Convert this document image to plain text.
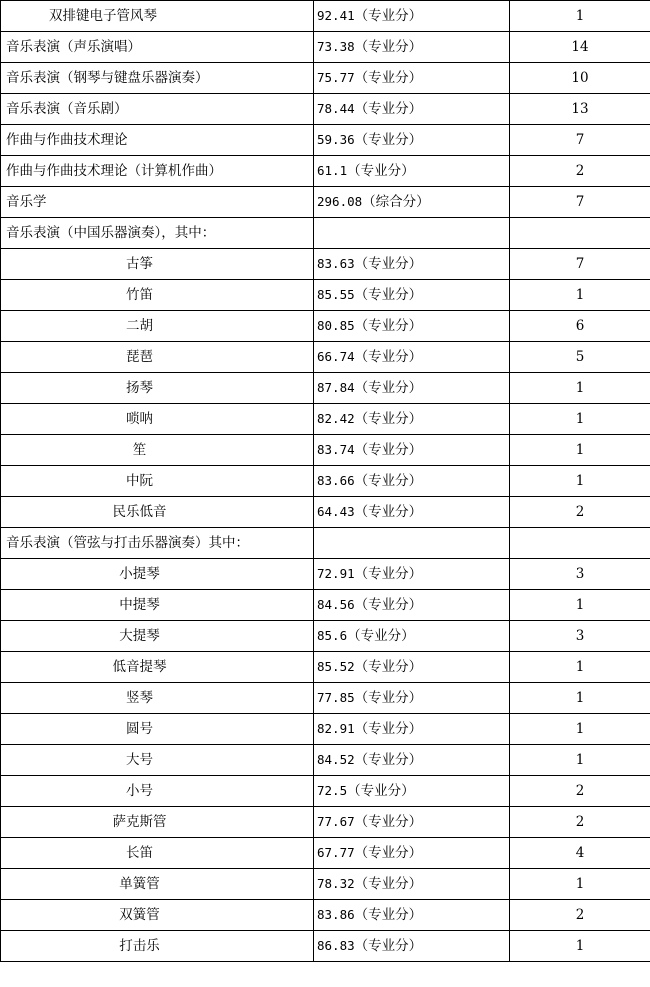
双排键电子管风琴	92.41（专业分）	1
音乐表演（声乐演唱）	73.38（专业分）	14
音乐表演（钢琴与键盘乐器演奏）	75.77（专业分）	10
音乐表演（音乐剧）	78.44（专业分）	13
作曲与作曲技术理论	59.36（专业分）	7
作曲与作曲技术理论（计算机作曲）	61.1（专业分）	2
音乐学	296.08（综合分）	7
音乐表演（中国乐器演奏），其中：		
古筝	83.63（专业分）	7
竹笛	85.55（专业分）	1
二胡	80.85（专业分）	6
琵琶	66.74（专业分）	5
扬琴	87.84（专业分）	1
唢呐	82.42（专业分）	1
笙	83.74（专业分）	1
中阮	83.66（专业分）	1
民乐低音	64.43（专业分）	2
音乐表演（管弦与打击乐器演奏）其中：		
小提琴	72.91（专业分）	3
中提琴	84.56（专业分）	1
大提琴	85.6（专业分）	3
低音提琴	85.52（专业分）	1
竖琴	77.85（专业分）	1
圆号	82.91（专业分）	1
大号	84.52（专业分）	1
小号	72.5（专业分）	2
萨克斯管	77.67（专业分）	2
长笛	67.77（专业分）	4
单簧管	78.32（专业分）	1
双簧管	83.86（专业分）	2
打击乐	86.83（专业分）	1
